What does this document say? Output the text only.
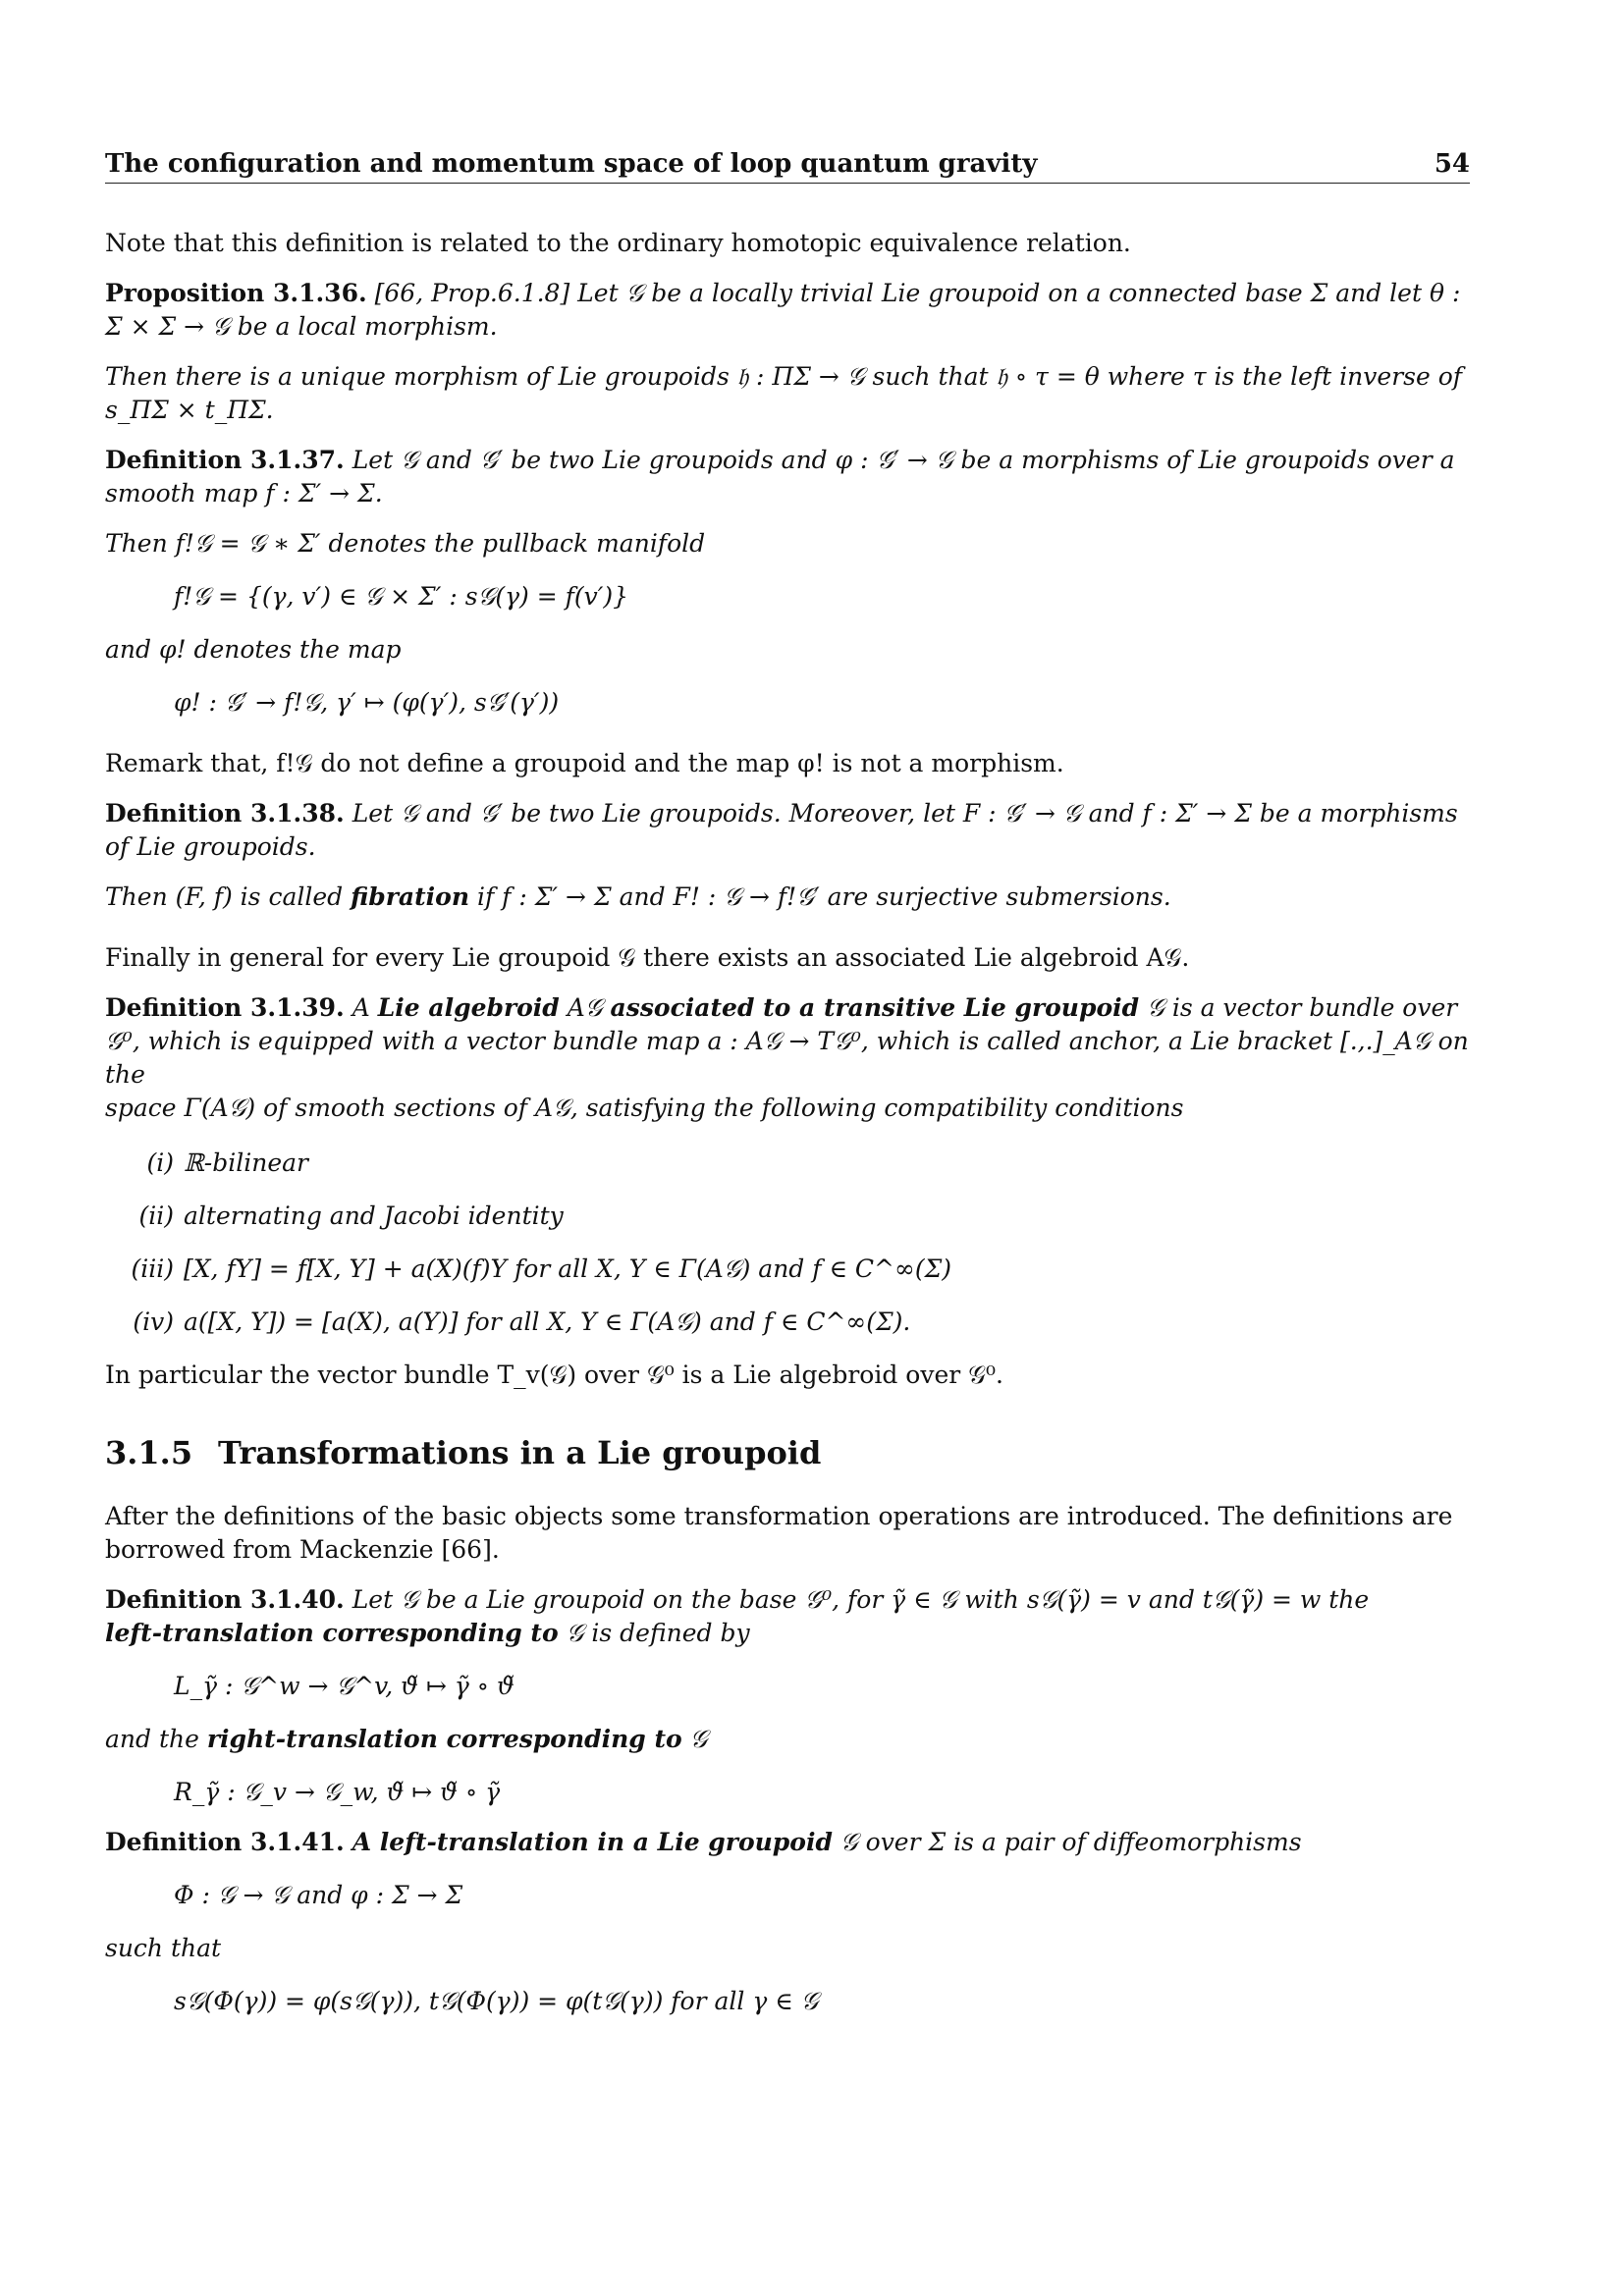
The configuration and momentum space of loop quantum gravity	54

Note that this definition is related to the ordinary homotopic equivalence relation.

Proposition 3.1.36. [66, Prop.6.1.8] Let 𝒢 be a locally trivial Lie groupoid on a connected base Σ and let θ :
Σ × Σ → 𝒢 be a local morphism.

Then there is a unique morphism of Lie groupoids 𝔥 : ΠΣ → 𝒢 such that 𝔥 ∘ τ = θ where τ is the left inverse of
s_ΠΣ × t_ΠΣ.

Definition 3.1.37. Let 𝒢 and 𝒢′ be two Lie groupoids and φ : 𝒢′ → 𝒢 be a morphisms of Lie groupoids over a
smooth map f : Σ′ → Σ.

Then f!𝒢 = 𝒢 ∗ Σ′ denotes the pullback manifold

f!𝒢 = {(γ, v′) ∈ 𝒢 × Σ′ : s𝒢(γ) = f(v′)}

and φ! denotes the map

φ! : 𝒢′ → f!𝒢, γ′ ↦ (φ(γ′), s𝒢′(γ′))

Remark that, f!𝒢 do not define a groupoid and the map φ! is not a morphism.

Definition 3.1.38. Let 𝒢 and 𝒢′ be two Lie groupoids. Moreover, let F : 𝒢′ → 𝒢 and f : Σ′ → Σ be a morphisms
of Lie groupoids.

Then (F, f) is called fibration if f : Σ′ → Σ and F! : 𝒢 → f!𝒢′ are surjective submersions.

Finally in general for every Lie groupoid 𝒢 there exists an associated Lie algebroid A𝒢.

Definition 3.1.39. A Lie algebroid A𝒢 associated to a transitive Lie groupoid 𝒢 is a vector bundle over
𝒢⁰, which is equipped with a vector bundle map a : A𝒢 → T𝒢⁰, which is called anchor, a Lie bracket [.,.]_A𝒢 on the
space Γ(A𝒢) of smooth sections of A𝒢, satisfying the following compatibility conditions

(i) ℝ-bilinear
(ii) alternating and Jacobi identity
(iii) [X, fY] = f[X, Y] + a(X)(f)Y for all X, Y ∈ Γ(A𝒢) and f ∈ C^∞(Σ)
(iv) a([X, Y]) = [a(X), a(Y)] for all X, Y ∈ Γ(A𝒢) and f ∈ C^∞(Σ).

In particular the vector bundle T_v(𝒢) over 𝒢⁰ is a Lie algebroid over 𝒢⁰.

3.1.5 Transformations in a Lie groupoid

After the definitions of the basic objects some transformation operations are introduced. The definitions are
borrowed from Mackenzie [66].

Definition 3.1.40. Let 𝒢 be a Lie groupoid on the base 𝒢⁰, for γ̃ ∈ 𝒢 with s𝒢(γ̃) = v and t𝒢(γ̃) = w the
left-translation corresponding to 𝒢 is defined by

L_γ̃ : 𝒢^w → 𝒢^v, ϑ̃ ↦ γ̃ ∘ ϑ̃

and the right-translation corresponding to 𝒢

R_γ̃ : 𝒢_v → 𝒢_w, ϑ̃ ↦ ϑ̃ ∘ γ̃

Definition 3.1.41. A left-translation in a Lie groupoid 𝒢 over Σ is a pair of diffeomorphisms

Φ : 𝒢 → 𝒢 and φ : Σ → Σ

such that

s𝒢(Φ(γ)) = φ(s𝒢(γ)), t𝒢(Φ(γ)) = φ(t𝒢(γ)) for all γ ∈ 𝒢
